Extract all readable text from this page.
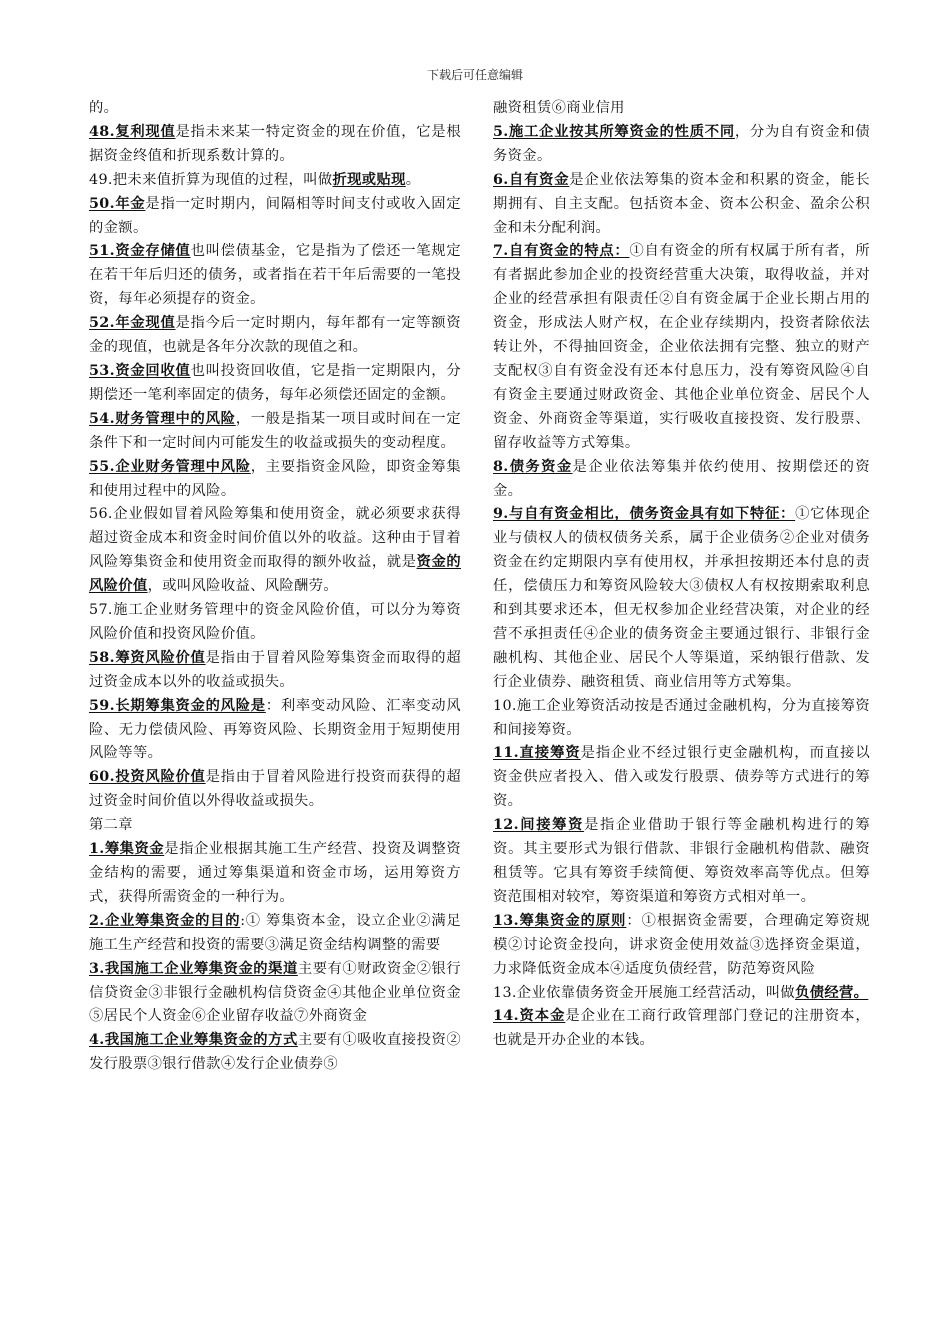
下载后可任意编辑

的。

48.复利现值是指未来某一特定资金的现在价值，它是根据资金终值和折现系数计算的。

49.把未来值折算为现值的过程，叫做折现或贴现。

50.年金是指一定时期内，间隔相等时间支付或收入固定的金额。

51.资金存储值也叫偿债基金，它是指为了偿还一笔规定在若干年后归还的债务，或者指在若干年后需要的一笔投资，每年必须提存的资金。

52.年金现值是指今后一定时期内，每年都有一定等额资金的现值，也就是各年分次款的现值之和。

53.资金回收值也叫投资回收值，它是指一定期限内，分期偿还一笔利率固定的债务，每年必须偿还固定的金额。

54.财务管理中的风险，一般是指某一项目或时间在一定条件下和一定时间内可能发生的收益或损失的变动程度。

55.企业财务管理中风险，主要指资金风险，即资金筹集和使用过程中的风险。

56.企业假如冒着风险筹集和使用资金，就必须要求获得超过资金成本和资金时间价值以外的收益。这种由于冒着风险筹集资金和使用资金而取得的额外收益，就是资金的风险价值，或叫风险收益、风险酬劳。

57.施工企业财务管理中的资金风险价值，可以分为筹资风险价值和投资风险价值。

58.筹资风险价值是指由于冒着风险筹集资金而取得的超过资金成本以外的收益或损失。

59.长期筹集资金的风险是：利率变动风险、汇率变动风险、无力偿债风险、再筹资风险、长期资金用于短期使用风险等等。

60.投资风险价值是指由于冒着风险进行投资而获得的超过资金时间价值以外得收益或损失。

第二章

1.筹集资金是指企业根据其施工生产经营、投资及调整资金结构的需要，通过筹集渠道和资金市场，运用筹资方式，获得所需资金的一种行为。

2.企业筹集资金的目的:① 筹集资本金，设立企业②满足施工生产经营和投资的需要③满足资金结构调整的需要

3.我国施工企业筹集资金的渠道主要有①财政资金②银行信贷资金③非银行金融机构信贷资金④其他企业单位资金⑤居民个人资金⑥企业留存收益⑦外商资金

4.我国施工企业筹集资金的方式主要有①吸收直接投资②发行股票③银行借款④发行企业债券⑤

融资租赁⑥商业信用

5.施工企业按其所筹资金的性质不同，分为自有资金和债务资金。

6.自有资金是企业依法筹集的资本金和积累的资金，能长期拥有、自主支配。包括资本金、资本公积金、盈余公积金和未分配利润。

7.自有资金的特点：①自有资金的所有权属于所有者，所有者据此参加企业的投资经营重大决策，取得收益，并对企业的经营承担有限责任②自有资金属于企业长期占用的资金，形成法人财产权，在企业存续期内，投资者除依法转让外，不得抽回资金，企业依法拥有完整、独立的财产支配权③自有资金没有还本付息压力，没有筹资风险④自有资金主要通过财政资金、其他企业单位资金、居民个人资金、外商资金等渠道，实行吸收直接投资、发行股票、留存收益等方式筹集。

8.债务资金是企业依法筹集并依约使用、按期偿还的资金。

9.与自有资金相比，债务资金具有如下特征：①它体现企业与债权人的债权债务关系，属于企业债务②企业对债务资金在约定期限内享有使用权，并承担按期还本付息的责任，偿债压力和筹资风险较大③债权人有权按期索取利息和到其要求还本，但无权参加企业经营决策，对企业的经营不承担责任④企业的债务资金主要通过银行、非银行金融机构、其他企业、居民个人等渠道，采纳银行借款、发行企业债券、融资租赁、商业信用等方式筹集。

10.施工企业筹资活动按是否通过金融机构，分为直接筹资和间接筹资。

11.直接筹资是指企业不经过银行吏金融机构，而直接以资金供应者投入、借入或发行股票、债券等方式进行的筹资。

12.间接筹资是指企业借助于银行等金融机构进行的筹资。其主要形式为银行借款、非银行金融机构借款、融资租赁等。它具有筹资手续简便、筹资效率高等优点。但筹资范围相对较窄，筹资渠道和筹资方式相对单一。

13.筹集资金的原则：①根据资金需要，合理确定筹资规模②讨论资金投向，讲求资金使用效益③选择资金渠道，力求降低资金成本④适度负债经营，防范筹资风险

13.企业依靠债务资金开展施工经营活动，叫做负债经营。

14.资本金是企业在工商行政管理部门登记的注册资本，也就是开办企业的本钱。
